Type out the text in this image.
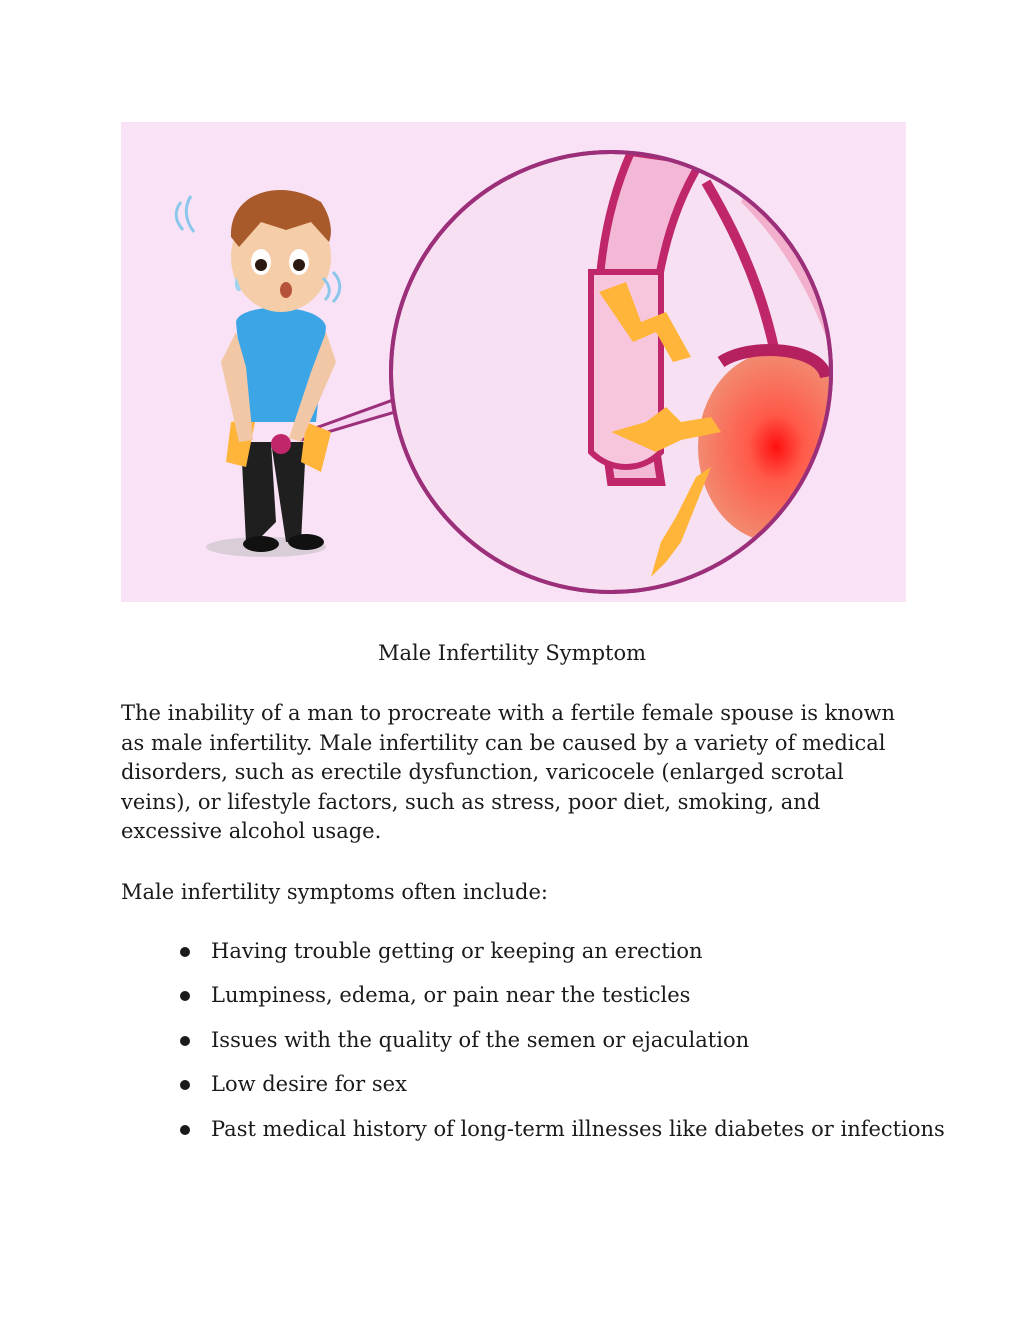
Male Infertility Symptom

The inability of a man to procreate with a fertile female spouse is known as male infertility. Male infertility can be caused by a variety of medical disorders, such as erectile dysfunction, varicocele (enlarged scrotal veins), or lifestyle factors, such as stress, poor diet, smoking, and excessive alcohol usage.

Male infertility symptoms often include:

Having trouble getting or keeping an erection
Lumpiness, edema, or pain near the testicles
Issues with the quality of the semen or ejaculation
Low desire for sex
Past medical history of long-term illnesses like diabetes or infections
